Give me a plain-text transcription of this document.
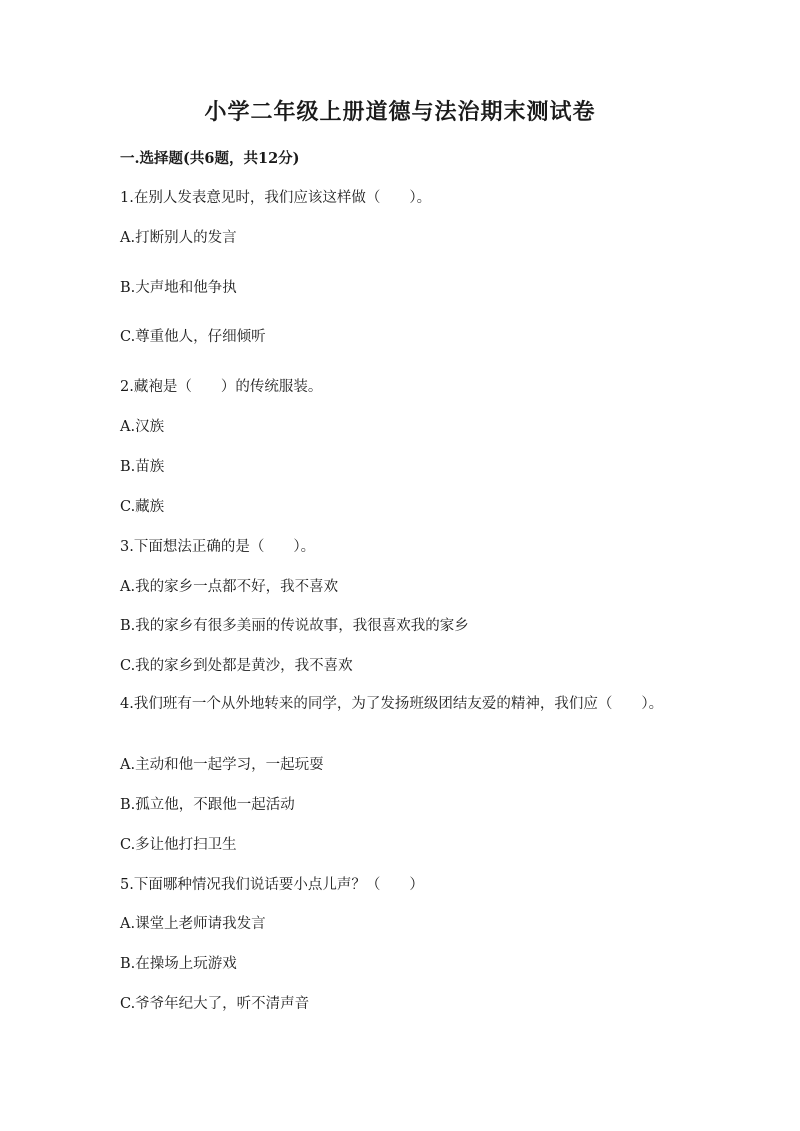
小学二年级上册道德与法治期末测试卷
一.选择题(共6题，共12分)
1.在别人发表意见时，我们应该这样做（　　）。
A.打断别人的发言
B.大声地和他争执
C.尊重他人，仔细倾听
2.藏袍是（　　）的传统服装。
A.汉族
B.苗族
C.藏族
3.下面想法正确的是（　　）。
A.我的家乡一点都不好，我不喜欢
B.我的家乡有很多美丽的传说故事，我很喜欢我的家乡
C.我的家乡到处都是黄沙，我不喜欢
4.我们班有一个从外地转来的同学，为了发扬班级团结友爱的精神，我们应（　　）。
A.主动和他一起学习，一起玩耍
B.孤立他，不跟他一起活动
C.多让他打扫卫生
5.下面哪种情况我们说话要小点儿声？（　　）
A.课堂上老师请我发言
B.在操场上玩游戏
C.爷爷年纪大了，听不清声音
